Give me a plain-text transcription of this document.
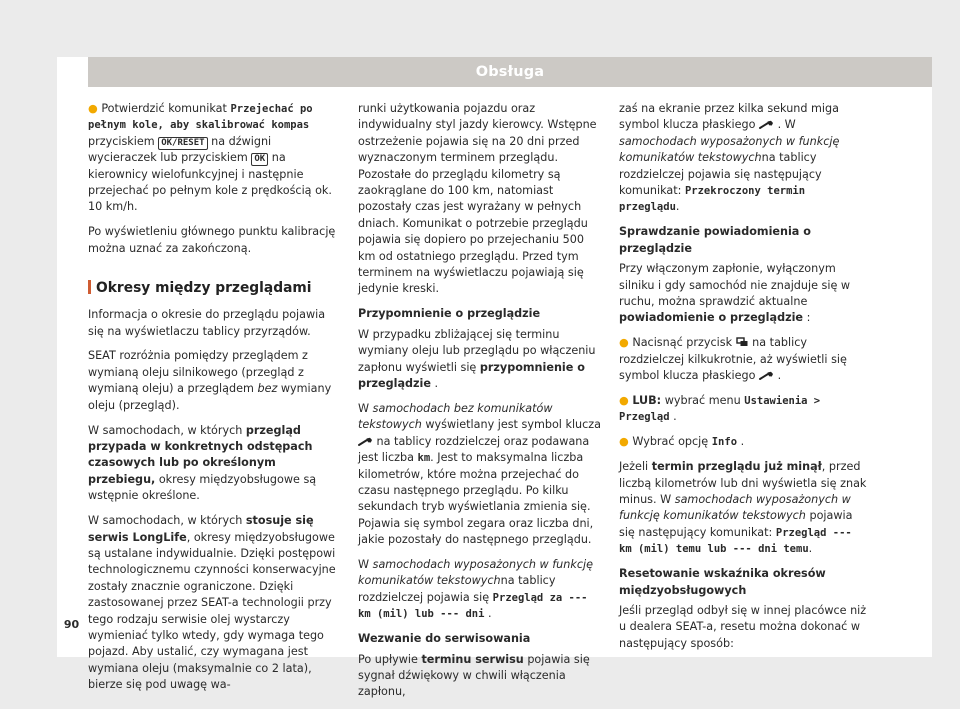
Obsługa
90

● Potwierdzić komunikat Przejechać po pełnym kole, aby skalibrować kompas przyciskiem OK/RESET na dźwigni wycieraczek lub przyciskiem OK na kierownicy wielofunkcyjnej i następnie przejechać po pełnym kole z prędkością ok. 10 km/h.

Po wyświetleniu głównego punktu kalibrację można uznać za zakończoną.

Okresy między przeglądami

Informacja o okresie do przeglądu pojawia się na wyświetlaczu tablicy przyrządów.

SEAT rozróżnia pomiędzy przeglądem z wymianą oleju silnikowego (przegląd z wymianą oleju) a przeglądem bez wymiany oleju (przegląd).

W samochodach, w których przegląd przypada w konkretnych odstępach czasowych lub po określonym przebiegu, okresy międzyobsługowe są wstępnie określone.

W samochodach, w których stosuje się serwis LongLife, okresy międzyobsługowe są ustalane indywidualnie. Dzięki postępowi technologicznemu czynności konserwacyjne zostały znacznie ograniczone. Dzięki zastosowanej przez SEAT-a technologii przy tego rodzaju serwisie olej wystarczy wymieniać tylko wtedy, gdy wymaga tego pojazd. Aby ustalić, czy wymagana jest wymiana oleju (maksymalnie co 2 lata), bierze się pod uwagę wa-

runki użytkowania pojazdu oraz indywidualny styl jazdy kierowcy. Wstępne ostrzeżenie pojawia się na 20 dni przed wyznaczonym terminem przeglądu. Pozostałe do przeglądu kilometry są zaokrąglane do 100 km, natomiast pozostały czas jest wyrażany w pełnych dniach. Komunikat o potrzebie przeglądu pojawia się dopiero po przejechaniu 500 km od ostatniego przeglądu. Przed tym terminem na wyświetlaczu pojawiają się jedynie kreski.

Przypomnienie o przeglądzie

W przypadku zbliżającej się terminu wymiany oleju lub przeglądu po włączeniu zapłonu wyświetli się przypomnienie o przeglądzie .

W samochodach bez komunikatów tekstowych wyświetlany jest symbol klucza  na tablicy rozdzielczej oraz podawana jest liczba km. Jest to maksymalna liczba kilometrów, które można przejechać do czasu następnego przeglądu. Po kilku sekundach tryb wyświetlania zmienia się. Pojawia się symbol zegara oraz liczba dni, jakie pozostały do następnego przeglądu.

W samochodach wyposażonych w funkcję komunikatów tekstowychna tablicy rozdzielczej pojawia się Przegląd za --- km (mil) lub --- dni .

Wezwanie do serwisowania

Po upływie terminu serwisu pojawia się sygnał dźwiękowy w chwili włączenia zapłonu,

zaś na ekranie przez kilka sekund miga symbol klucza płaskiego  . W samochodach wyposażonych w funkcję komunikatów tekstowychna tablicy rozdzielczej pojawia się następujący komunikat: Przekroczony termin przeglądu.

Sprawdzanie powiadomienia o przeglądzie

Przy włączonym zapłonie, wyłączonym silniku i gdy samochód nie znajduje się w ruchu, można sprawdzić aktualne powiadomienie o przeglądzie :

● Nacisnąć przycisk  na tablicy rozdzielczej kilkukrotnie, aż wyświetli się symbol klucza płaskiego  .

● LUB: wybrać menu Ustawienia > Przegląd .

● Wybrać opcję Info .

Jeżeli termin przeglądu już minął, przed liczbą kilometrów lub dni wyświetla się znak minus. W samochodach wyposażonych w funkcję komunikatów tekstowych pojawia się następujący komunikat: Przegląd --- km (mil) temu lub --- dni temu.

Resetowanie wskaźnika okresów międzyobsługowych

Jeśli przegląd odbył się w innej placówce niż u dealera SEAT-a, resetu można dokonać w następujący sposób:
